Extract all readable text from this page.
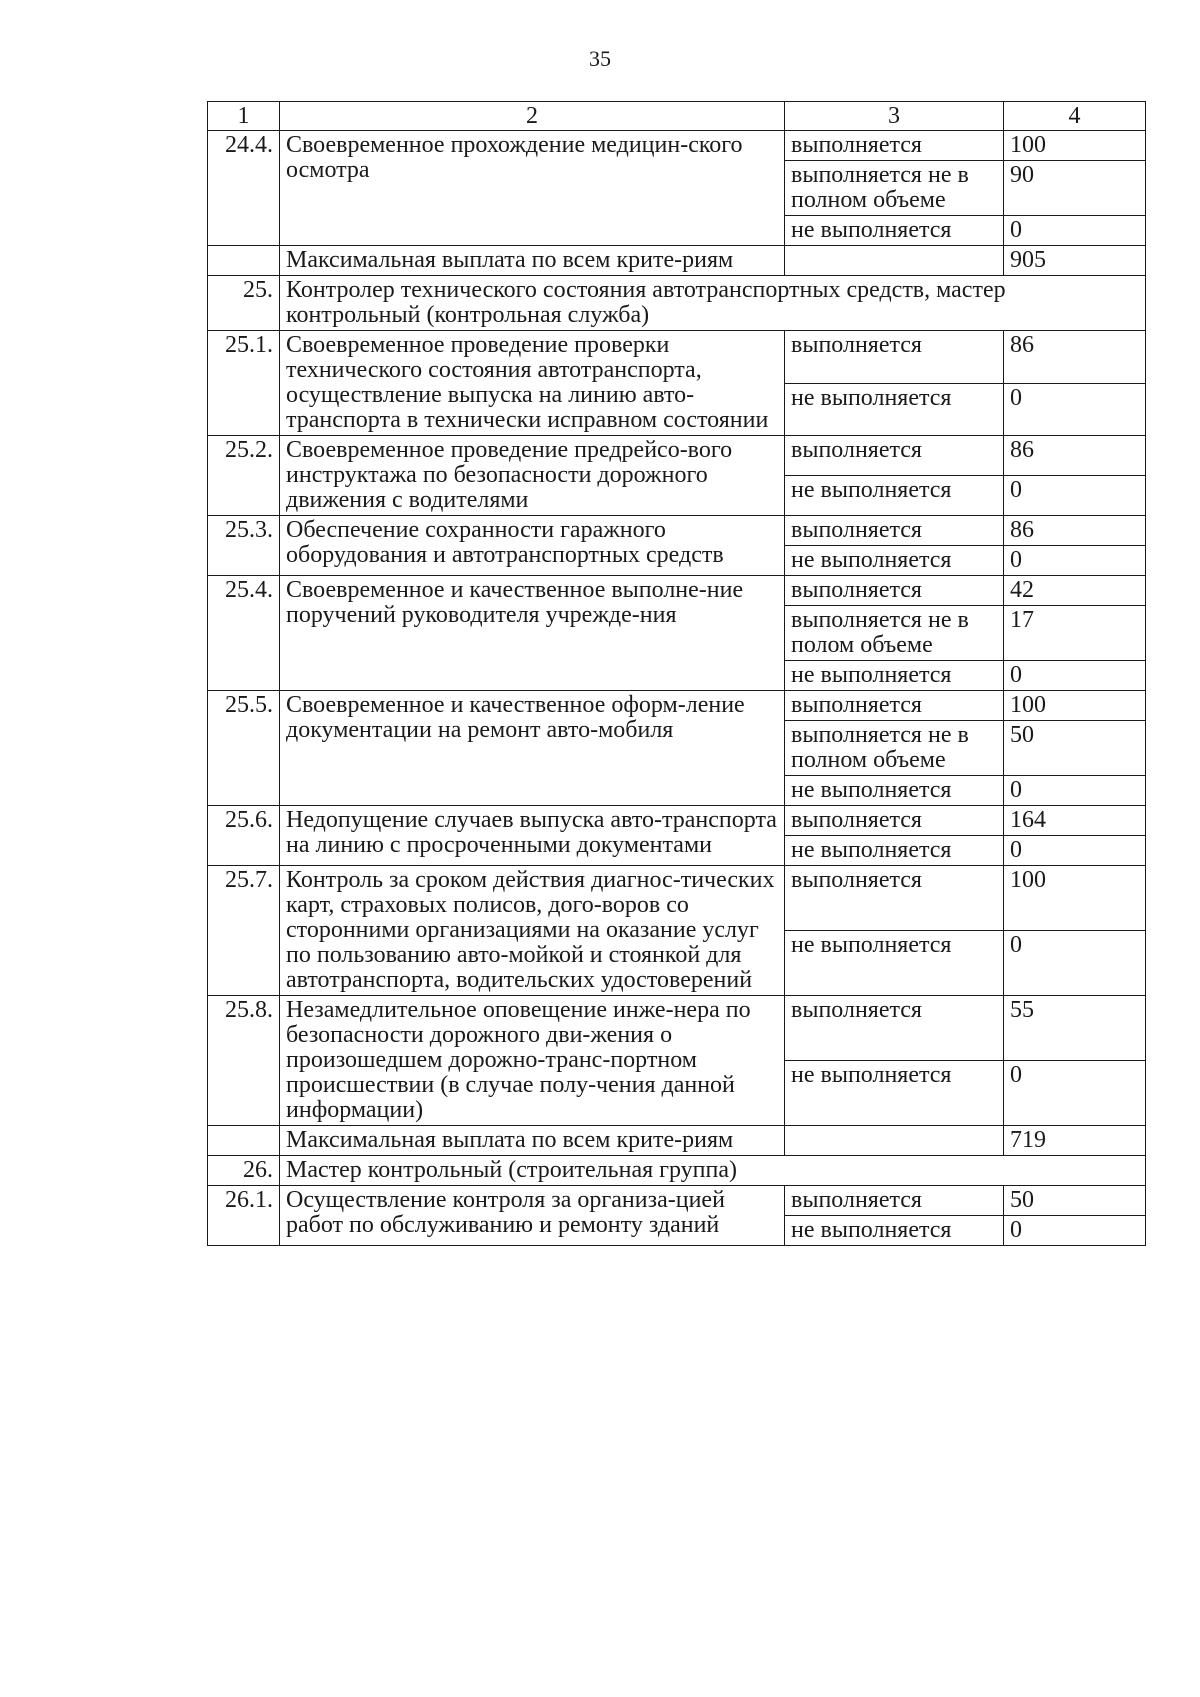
35
1	2	3	4
24.4.	Своевременное прохождение медицин-ского осмотра	выполняется	100
		выполняется не в полном объеме	90
		не выполняется	0
	Максимальная выплата по всем крите-риям		905
25.	Контролер технического состояния автотранспортных средств, мастер контрольный (контрольная служба)		
25.1.	Своевременное проведение проверки технического состояния автотранспорта, осуществление выпуска на линию авто-транспорта в технически исправном состоянии	выполняется	86
		не выполняется	0
25.2.	Своевременное проведение предрейсо-вого инструктажа по безопасности дорожного движения с водителями	выполняется	86
		не выполняется	0
25.3.	Обеспечение сохранности гаражного оборудования и автотранспортных средств	выполняется	86
		не выполняется	0
25.4.	Своевременное и качественное выполне-ние поручений руководителя учрежде-ния	выполняется	42
		выполняется не в полом объеме	17
		не выполняется	0
25.5.	Своевременное и качественное оформ-ление документации на ремонт авто-мобиля	выполняется	100
		выполняется не в полном объеме	50
		не выполняется	0
25.6.	Недопущение случаев выпуска авто-транспорта на линию с просроченными документами	выполняется	164
		не выполняется	0
25.7.	Контроль за сроком действия диагнос-тических карт, страховых полисов, дого-воров со сторонними организациями на оказание услуг по пользованию авто-мойкой и стоянкой для автотранспорта, водительских удостоверений	выполняется	100
		не выполняется	0
25.8.	Незамедлительное оповещение инже-нера по безопасности дорожного дви-жения о произошедшем дорожно-транс-портном происшествии (в случае полу-чения данной информации)	выполняется	55
		не выполняется	0
	Максимальная выплата по всем крите-риям		719
26.	Мастер контрольный (строительная группа)		
26.1.	Осуществление контроля за организа-цией работ по обслуживанию и ремонту зданий	выполняется	50
		не выполняется	0
